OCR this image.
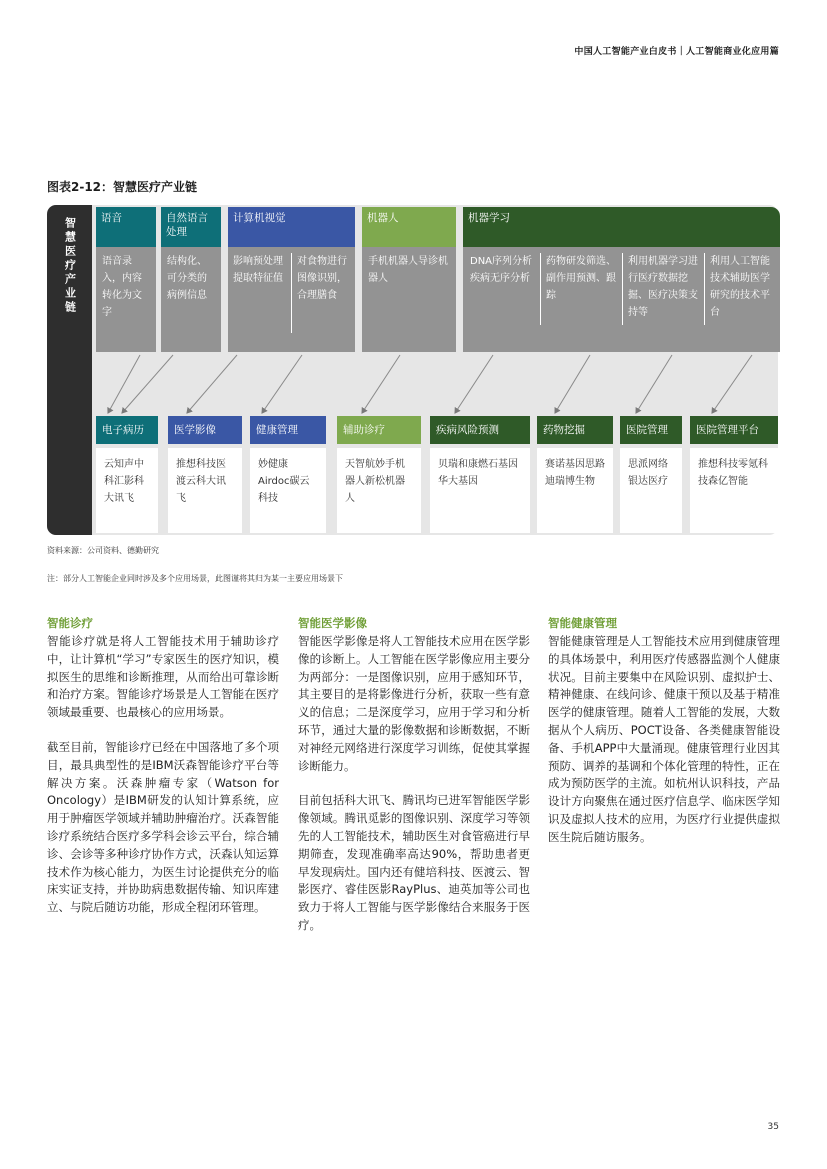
中国人工智能产业白皮书｜人工智能商业化应用篇
图表2-12：智慧医疗产业链
智慧医疗产业链	语音
语音录入，内容转化为文字
自然语言处理
结构化、可分类的病例信息
计算机视觉
影响预处理提取特征值
对食物进行图像识别，合理膳食
机器人
手机机器人导诊机器人
机器学习
DNA序列分析疾病无序分析
药物研发筛选、副作用预测、跟踪
利用机器学习进行医疗数据挖掘、医疗决策支持等
利用人工智能技术辅助医学研究的技术平台
电子病历
云知声中科汇影科大讯飞
医学影像
推想科技医渡云科大讯飞
健康管理
妙健康Airdoc碳云科技
辅助诊疗
天智航妙手机器人新松机器人
疾病风险预测
贝瑞和康燃石基因华大基因
药物挖掘
赛诺基因思路迪瑞博生物
医院管理
思派网络银达医疗
医院管理平台
推想科技零氪科技森亿智能
资料来源：公司资料、德勤研究
注：部分人工智能企业同时涉及多个应用场景，此图谨将其归为某一主要应用场景下
智能诊疗

智能诊疗就是将人工智能技术用于辅助诊疗中，让计算机“学习”专家医生的医疗知识，模拟医生的思维和诊断推理，从而给出可靠诊断和治疗方案。智能诊疗场景是人工智能在医疗领域最重要、也最核心的应用场景。

截至目前，智能诊疗已经在中国落地了多个项目，最具典型性的是IBM沃森智能诊疗平台等解决方案。沃森肿瘤专家（Watson for Oncology）是IBM研发的认知计算系统，应用于肿瘤医学领域并辅助肿瘤治疗。沃森智能诊疗系统结合医疗多学科会诊云平台，综合辅诊、会诊等多种诊疗协作方式，沃森认知运算技术作为核心能力，为医生讨论提供充分的临床实证支持，并协助病患数据传输、知识库建立、与院后随访功能，形成全程闭环管理。

智能医学影像

智能医学影像是将人工智能技术应用在医学影像的诊断上。人工智能在医学影像应用主要分为两部分：一是图像识别，应用于感知环节，其主要目的是将影像进行分析，获取一些有意义的信息；二是深度学习，应用于学习和分析环节，通过大量的影像数据和诊断数据，不断对神经元网络进行深度学习训练，促使其掌握诊断能力。

目前包括科大讯飞、腾讯均已进军智能医学影像领域。腾讯觅影的图像识别、深度学习等领先的人工智能技术，辅助医生对食管癌进行早期筛查，发现准确率高达90%，帮助患者更早发现病灶。国内还有健培科技、医渡云、智影医疗、睿佳医影RayPlus、迪英加等公司也致力于将人工智能与医学影像结合来服务于医疗。

智能健康管理

智能健康管理是人工智能技术应用到健康管理的具体场景中，利用医疗传感器监测个人健康状况。目前主要集中在风险识别、虚拟护士、精神健康、在线问诊、健康干预以及基于精准医学的健康管理。随着人工智能的发展，大数据从个人病历、POCT设备、各类健康智能设备、手机APP中大量涌现。健康管理行业因其预防、调养的基调和个体化管理的特性，正在成为预防医学的主流。如杭州认识科技，产品设计方向聚焦在通过医疗信息学、临床医学知识及虚拟人技术的应用，为医疗行业提供虚拟医生院后随访服务。

35
